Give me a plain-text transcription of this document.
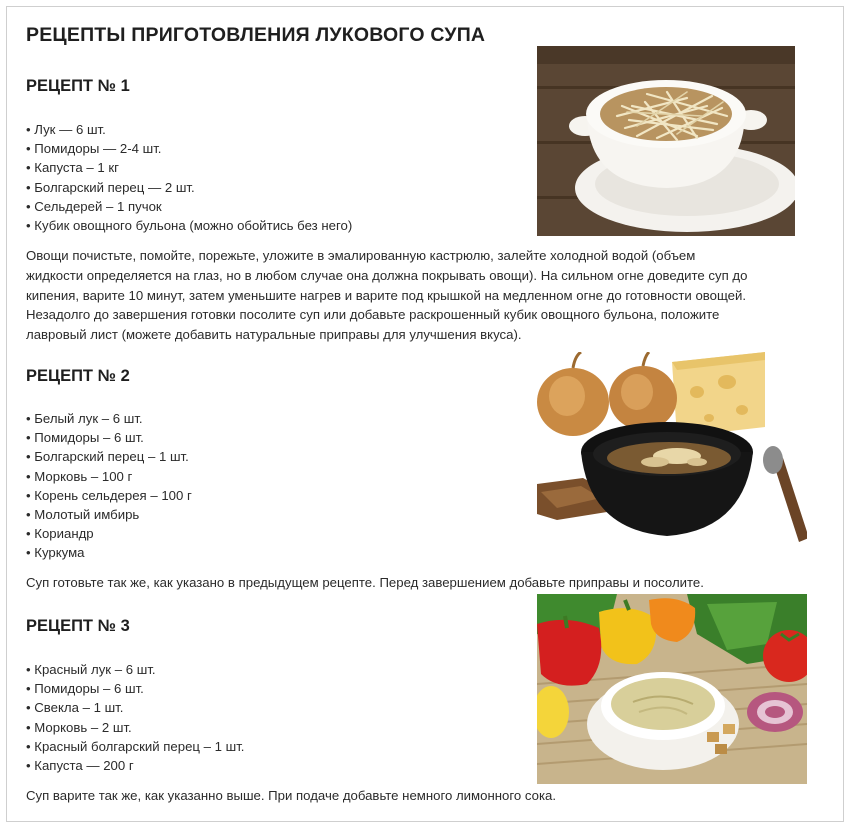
РЕЦЕПТЫ ПРИГОТОВЛЕНИЯ ЛУКОВОГО СУПА
РЕЦЕПТ № 1
• Лук — 6 шт.
• Помидоры — 2-4 шт.
• Капуста – 1 кг
• Болгарский перец — 2 шт.
• Сельдерей – 1 пучок
• Кубик овощного бульона (можно обойтись без него)
Овощи почистьте, помойте, порежьте, уложите в эмалированную кастрюлю, залейте холодной водой (объем
жидкости определяется на глаз, но в любом случае она должна покрывать овощи). На сильном огне доведите суп до
кипения, варите 10 минут, затем уменьшите нагрев и варите под крышкой на медленном огне до готовности овощей.
Незадолго до завершения готовки посолите суп или добавьте раскрошенный кубик овощного бульона, положите
лавровый лист (можете добавить натуральные приправы для улучшения вкуса).
РЕЦЕПТ № 2
• Белый лук – 6 шт.
• Помидоры – 6 шт.
• Болгарский перец – 1 шт.
• Морковь – 100 г
• Корень сельдерея – 100 г
• Молотый имбирь
• Кориандр
• Куркума
Суп готовьте так же, как указано в предыдущем рецепте. Перед завершением добавьте приправы и посолите.
РЕЦЕПТ № 3
• Красный лук – 6 шт.
• Помидоры – 6 шт.
• Свекла – 1 шт.
• Морковь – 2 шт.
• Красный болгарский перец – 1 шт.
• Капуста — 200 г
Суп варите так же, как указанно выше. При подаче добавьте немного лимонного сока.
